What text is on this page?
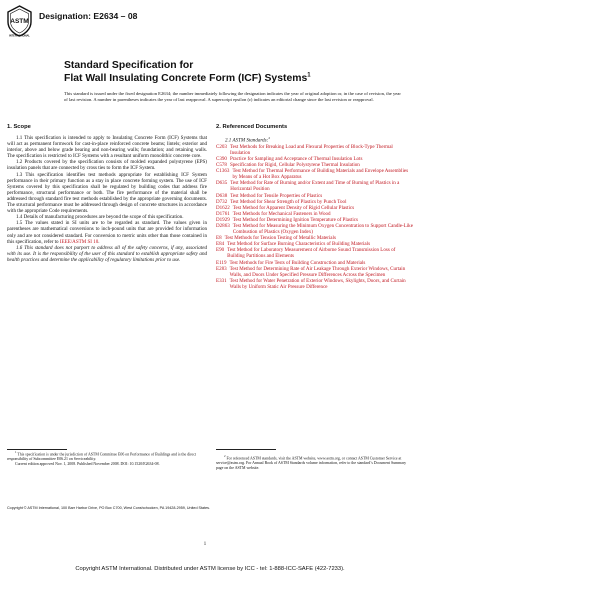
ASTM
INTERNATIONAL
Designation: E2634 – 08
Standard Specification for
Flat Wall Insulating Concrete Form (ICF) Systems$^1$
This standard is issued under the fixed designation E2634; the number immediately following the designation indicates the year of original adoption or, in the case of revision, the year of last revision. A number in parentheses indicates the year of last reapproval. A superscript epsilon (ε) indicates an editorial change since the last revision or reapproval.
1. Scope

1.1 This specification is intended to apply to Insulating Concrete Form (ICF) Systems that will act as permanent formwork for cast-in-place reinforced concrete beams; lintels; exterior and interior, above and below grade bearing and non-bearing walls; foundation; and retaining walls. The specification is restricted to ICF Systems with a resultant uniform monolithic concrete core.

1.2 Products covered by the specification consists of molded expanded polystyrene (EPS) insulation panels that are connected by cross ties to form the ICF System.

1.3 This specification identifies test methods appropriate for establishing ICF System performance in their primary function as a stay in place concrete forming system. The use of ICF Systems covered by this specification shall be regulated by building codes that address fire performance, structural performance or both. The fire performance of the material shall be addressed through standard fire test methods established by the appropriate governing documents. The structural performance must be addressed through design of concrete structures in accordance with the appropriate Code requirements.

1.4 Details of manufacturing procedures are beyond the scope of this specification.

1.5 The values stated in SI units are to be regarded as standard. The values given in parentheses are mathematical conversions to inch-pound units that are provided for information only and are not considered standard. For conversion to metric units other than those contained in this specification, refer to IEEE/ASTM SI 10.

1.6 This standard does not purport to address all of the safety concerns, if any, associated with its use. It is the responsibility of the user of this standard to establish appropriate safety and health practices and determine the applicability of regulatory limitations prior to use.

2. Referenced Documents

2.1 ASTM Standards:$^2$

C203 Test Methods for Breaking Load and Flexural Properties of Block-Type Thermal Insulation
C390 Practice for Sampling and Acceptance of Thermal Insulation Lots
C578 Specification for Rigid, Cellular Polystyrene Thermal Insulation
C1363 Test Method for Thermal Performance of Building Materials and Envelope Assemblies by Means of a Hot Box Apparatus
D635 Test Method for Rate of Burning and/or Extent and Time of Burning of Plastics in a Horizontal Position
D638 Test Method for Tensile Properties of Plastics
D732 Test Method for Shear Strength of Plastics by Punch Tool
D1622 Test Method for Apparent Density of Rigid Cellular Plastics
D1761 Test Methods for Mechanical Fasteners in Wood
D1929 Test Method for Determining Ignition Temperature of Plastics
D2863 Test Method for Measuring the Minimum Oxygen Concentration to Support Candle-Like Combustion of Plastics (Oxygen Index)
E8 Test Methods for Tension Testing of Metallic Materials
E84 Test Method for Surface Burning Characteristics of Building Materials
E90 Test Method for Laboratory Measurement of Airborne Sound Transmission Loss of Building Partitions and Elements
E119 Test Methods for Fire Tests of Building Construction and Materials
E283 Test Method for Determining Rate of Air Leakage Through Exterior Windows, Curtain Walls, and Doors Under Specified Pressure Differences Across the Specimen
E331 Test Method for Water Penetration of Exterior Windows, Skylights, Doors, and Curtain Walls by Uniform Static Air Pressure Difference
$^1$ This specification is under the jurisdiction of ASTM Committee E06 on Performance of Buildings and is the direct responsibility of Subcommittee E06.21 on Serviceability.
Current edition approved Nov. 1, 2008. Published November 2008. DOI: 10.1520/E2634-08.
$^2$ For referenced ASTM standards, visit the ASTM website, www.astm.org, or contact ASTM Customer Service at service@astm.org. For Annual Book of ASTM Standards volume information, refer to the standard’s Document Summary page on the ASTM website.
Copyright © ASTM International, 100 Barr Harbor Drive, PO Box C700, West Conshohocken, PA 19428-2959, United States.
1
Copyright ASTM International. Distributed under ASTM license by ICC - tel: 1-888-ICC-SAFE (422-7233).
